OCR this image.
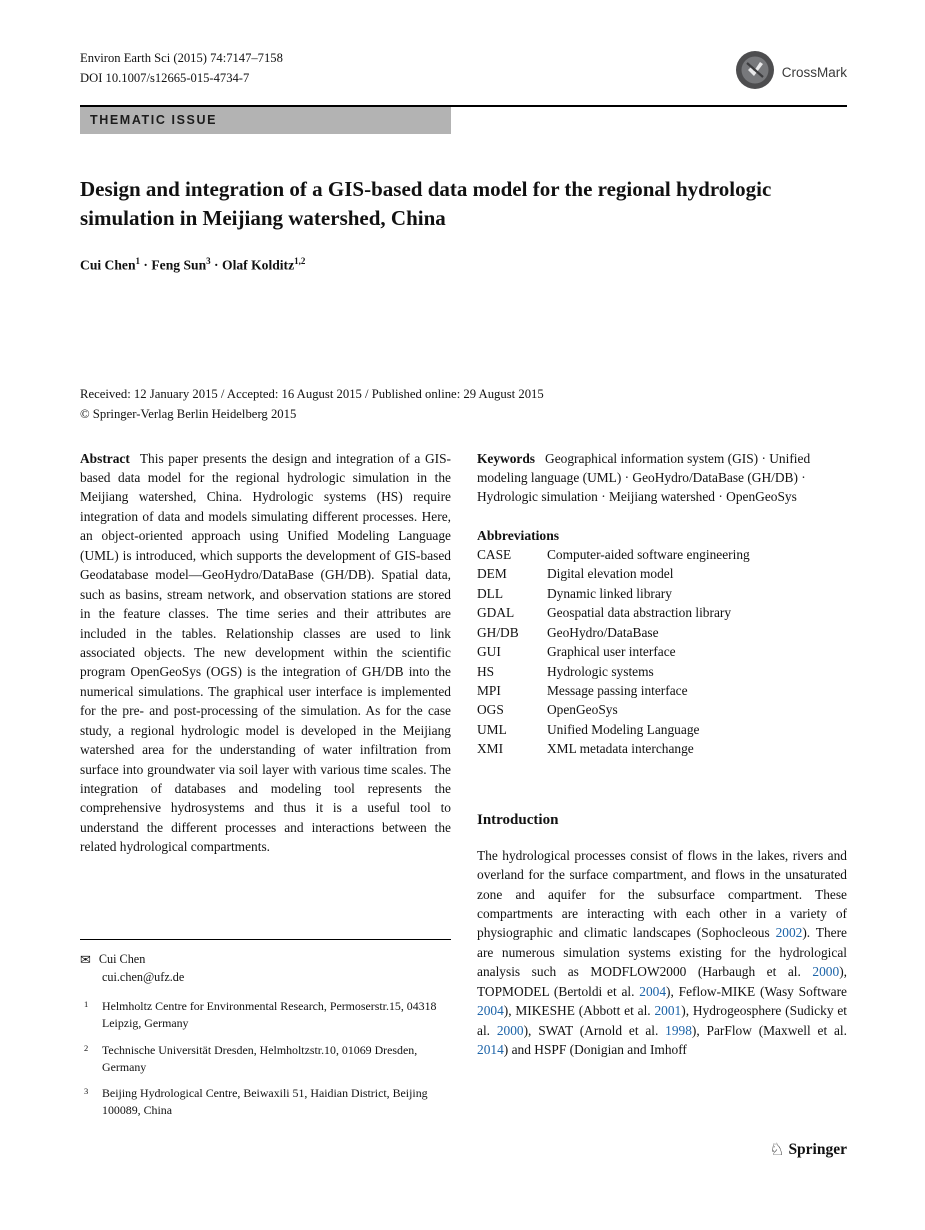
Environ Earth Sci (2015) 74:7147–7158
DOI 10.1007/s12665-015-4734-7	CrossMark
THEMATIC ISSUE
Design and integration of a GIS-based data model for the regional hydrologic simulation in Meijiang watershed, China
Cui Chen$^1$ · Feng Sun$^3$ · Olaf Kolditz$^{1,2}$
Received: 12 January 2015 / Accepted: 16 August 2015 / Published online: 29 August 2015
© Springer-Verlag Berlin Heidelberg 2015

Abstract This paper presents the design and integration of a GIS-based data model for the regional hydrologic simulation in the Meijiang watershed, China. Hydrologic systems (HS) require integration of data and models simulating different processes. Here, an object-oriented approach using Unified Modeling Language (UML) is introduced, which supports the development of GIS-based Geodatabase model—GeoHydro/DataBase (GH/DB). Spatial data, such as basins, stream network, and observation stations are stored in the feature classes. The time series and their attributes are included in the tables. Relationship classes are used to link associated objects. The new development within the scientific program OpenGeoSys (OGS) is the integration of GH/DB into the numerical simulations. The graphical user interface is implemented for the pre- and post-processing of the simulation. As for the case study, a regional hydrologic model is developed in the Meijiang watershed area for the understanding of water infiltration from surface into groundwater via soil layer with various time scales. The integration of databases and modeling tool represents the comprehensive hydrosystems and thus it is a useful tool to understand the different processes and interactions between the related hydrological compartments.

✉ Cui Chen
cui.chen@ufz.de
1 Helmholtz Centre for Environmental Research, Permoserstr.15, 04318 Leipzig, Germany
2 Technische Universität Dresden, Helmholtzstr.10, 01069 Dresden, Germany
3 Beijing Hydrological Centre, Beiwaxili 51, Haidian District, Beijing 100089, China

Keywords Geographical information system (GIS) · Unified modeling language (UML) · GeoHydro/DataBase (GH/DB) · Hydrologic simulation · Meijiang watershed · OpenGeoSys

Abbreviations
CASE	Computer-aided software engineering
DEM	Digital elevation model
DLL	Dynamic linked library
GDAL	Geospatial data abstraction library
GH/DB	GeoHydro/DataBase
GUI	Graphical user interface
HS	Hydrologic systems
MPI	Message passing interface
OGS	OpenGeoSys
UML	Unified Modeling Language
XMI	XML metadata interchange
Introduction

The hydrological processes consist of flows in the lakes, rivers and overland for the surface compartment, and flows in the unsaturated zone and aquifer for the subsurface compartment. These compartments are interacting with each other in a variety of physiographic and climatic landscapes (Sophocleous 2002). There are numerous simulation systems existing for the hydrological analysis such as MODFLOW2000 (Harbaugh et al. 2000), TOPMODEL (Bertoldi et al. 2004), Feflow-MIKE (Wasy Software 2004), MIKESHE (Abbott et al. 2001), Hydrogeosphere (Sudicky et al. 2000), SWAT (Arnold et al. 1998), ParFlow (Maxwell et al. 2014) and HSPF (Donigian and Imhoff

♘ Springer
